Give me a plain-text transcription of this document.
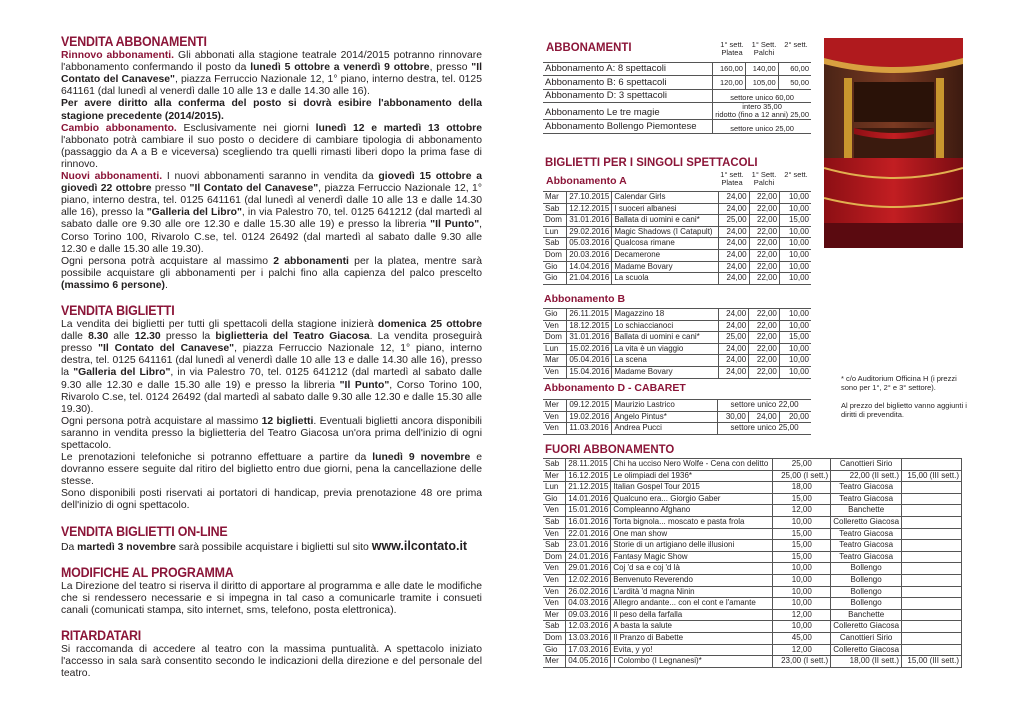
VENDITA ABBONAMENTI

Rinnovo abbonamenti. Gli abbonati alla stagione teatrale 2014/2015 potranno rinnovare l'abbonamento confermando il posto da lunedì 5 ottobre a venerdì 9 ottobre, presso "Il Contato del Canavese", piazza Ferruccio Nazionale 12, 1° piano, interno destra, tel. 0125 641161 (dal lunedì al venerdì dalle 10 alle 13 e dalle 14.30 alle 16).

Per avere diritto alla conferma del posto si dovrà esibire l'abbonamento della stagione precedente (2014/2015).

Cambio abbonamento. Esclusivamente nei giorni lunedì 12 e martedì 13 ottobre l'abbonato potrà cambiare il suo posto o decidere di cambiare tipologia di abbonamento (passaggio da A a B e viceversa) scegliendo tra quelli rimasti liberi dopo la prima fase di rinnovo.

Nuovi abbonamenti. I nuovi abbonamenti saranno in vendita da giovedì 15 ottobre a giovedì 22 ottobre presso "Il Contato del Canavese", piazza Ferruccio Nazionale 12, 1° piano, interno destra, tel. 0125 641161 (dal lunedì al venerdì dalle 10 alle 13 e dalle 14.30 alle 16), presso la "Galleria del Libro", in via Palestro 70, tel. 0125 641212 (dal martedì al sabato dalle ore 9.30 alle ore 12.30 e dalle 15.30 alle 19) e presso la libreria "Il Punto", Corso Torino 100, Rivarolo C.se, tel. 0124 26492 (dal martedì al sabato dalle 9.30 alle 12.30 e dalle 15.30 alle 19.30).

Ogni persona potrà acquistare al massimo 2 abbonamenti per la platea, mentre sarà possibile acquistare gli abbonamenti per i palchi fino alla capienza del palco prescelto (massimo 6 persone).

VENDITA BIGLIETTI

La vendita dei biglietti per tutti gli spettacoli della stagione inizierà domenica 25 ottobre dalle 8.30 alle 12.30 presso la biglietteria del Teatro Giacosa. La vendita proseguirà presso "Il Contato del Canavese", piazza Ferruccio Nazionale 12, 1° piano, interno destra, tel. 0125 641161 (dal lunedì al venerdì dalle 10 alle 13 e dalle 14.30 alle 16), presso la "Galleria del Libro", in via Palestro 70, tel. 0125 641212 (dal martedì al sabato dalle 9.30 alle 12.30 e dalle 15.30 alle 19) e presso la libreria "Il Punto", Corso Torino 100, Rivarolo C.se, tel. 0124 26492 (dal martedì al sabato dalle 9.30 alle 12.30 e dalle 15.30 alle 19.30).

Ogni persona potrà acquistare al massimo 12 biglietti. Eventuali biglietti ancora disponibili saranno in vendita presso la biglietteria del Teatro Giacosa un'ora prima dell'inizio di ogni spettacolo.

Le prenotazioni telefoniche si potranno effettuare a partire da lunedì 9 novembre e dovranno essere seguite dal ritiro del biglietto entro due giorni, pena la cancellazione delle stesse.

Sono disponibili posti riservati ai portatori di handicap, previa prenotazione 48 ore prima dell'inizio di ogni spettacolo.

VENDITA BIGLIETTI ON-LINE

Da martedì 3 novembre sarà possibile acquistare i biglietti sul sito www.ilcontato.it

MODIFICHE AL PROGRAMMA

La Direzione del teatro si riserva il diritto di apportare al programma e alle date le modifiche che si rendessero necessarie e si impegna in tal caso a comunicarle tramite i consueti canali (comunicati stampa, sito internet, sms, telefono, posta elettronica).

RITARDATARI

Si raccomanda di accedere al teatro con la massima puntualità. A spettacolo iniziato l'accesso in sala sarà consentito secondo le indicazioni della direzione e del personale del teatro.

ABBONAMENTI	1° sett. Platea
1° Sett. Palchi
2° sett.
Abbonamento A: 8 spettacoli	160,00	140,00	60,00
Abbonamento B: 6 spettacoli	120,00	105,00	50,00
Abbonamento D: 3 spettacoli	settore unico 60,00		

Abbonamento Le tre magie	intero 35,00
ridotto (fino a 12 anni) 25,00		

Abbonamento Bollengo Piemontese	settore unico 25,00		
BIGLIETTI PER I SINGOLI SPETTACOLI
Abbonamento A
1° sett. Platea
1° Sett. Palchi
2° sett.
Mar	27.10.2015	Calendar Girls	24,00	22,00	10,00
Sab	12.12.2015	I suoceri albanesi	24,00	22,00	10,00
Dom	31.01.2016	Ballata di uomini e cani*	25,00	22,00	15,00
Lun	29.02.2016	Magic Shadows (I Catapult)	24,00	22,00	10,00
Sab	05.03.2016	Qualcosa rimane	24,00	22,00	10,00
Dom	20.03.2016	Decamerone	24,00	22,00	10,00
Gio	14.04.2016	Madame Bovary	24,00	22,00	10,00
Gio	21.04.2016	La scuola	24,00	22,00	10,00
Abbonamento B
Gio	26.11.2015	Magazzino 18	24,00	22,00	10,00
Ven	18.12.2015	Lo schiaccianoci	24,00	22,00	10,00
Dom	31.01.2016	Ballata di uomini e cani*	25,00	22,00	15,00
Lun	15.02.2016	La vita è un viaggio	24,00	22,00	10,00
Mar	05.04.2016	La scena	24,00	22,00	10,00
Ven	15.04.2016	Madame Bovary	24,00	22,00	10,00
Abbonamento D - CABARET
Mer	09.12.2015	Maurizio Lastrico	settore unico 22,00		
Ven	19.02.2016	Angelo Pintus*	30,00	24,00	20,00
Ven	11.03.2016	Andrea Pucci	settore unico 25,00		
FUORI ABBONAMENTO
Sab	28.11.2015	Chi ha ucciso Nero Wolfe - Cena con delitto	25,00	Canottieri Sirio	
Mer	16.12.2015	Le olimpiadi del 1936*	25,00 (I sett.)	22,00 (II sett.)	15,00 (III sett.)
Lun	21.12.2015	Italian Gospel Tour 2015	18,00	Teatro Giacosa	
Gio	14.01.2016	Qualcuno era... Giorgio Gaber	15,00	Teatro Giacosa	
Ven	15.01.2016	Compleanno Afghano	12,00	Banchette	
Sab	16.01.2016	Torta bignola... moscato e pasta frola	10,00	Colleretto Giacosa	
Ven	22.01.2016	One man show	15,00	Teatro Giacosa	
Sab	23.01.2016	Storie di un artigiano delle illusioni	15,00	Teatro Giacosa	
Dom	24.01.2016	Fantasy Magic Show	15,00	Teatro Giacosa	
Ven	29.01.2016	Coj 'd sa e coj 'd là	10,00	Bollengo	
Ven	12.02.2016	Benvenuto Reverendo	10,00	Bollengo	
Ven	26.02.2016	L'ardità 'd magna Ninin	10,00	Bollengo	
Ven	04.03.2016	Allegro andante... con el cont e l'amante	10,00	Bollengo	
Mer	09.03.2016	Il peso della farfalla	12,00	Banchette	
Sab	12.03.2016	A basta la salute	10,00	Colleretto Giacosa	
Dom	13.03.2016	Il Pranzo di Babette	45,00	Canottieri Sirio	
Gio	17.03.2016	Evita, y yo!	12,00	Colleretto Giacosa	
Mer	04.05.2016	I Colombo (I Legnanesi)*	23,00 (I sett.)	18,00 (II sett.)	15,00 (III sett.)
* c/o Auditorium Officina H (i prezzi sono per 1°, 2° e 3° settore).
Al prezzo del biglietto vanno aggiunti i diritti di prevendita.
